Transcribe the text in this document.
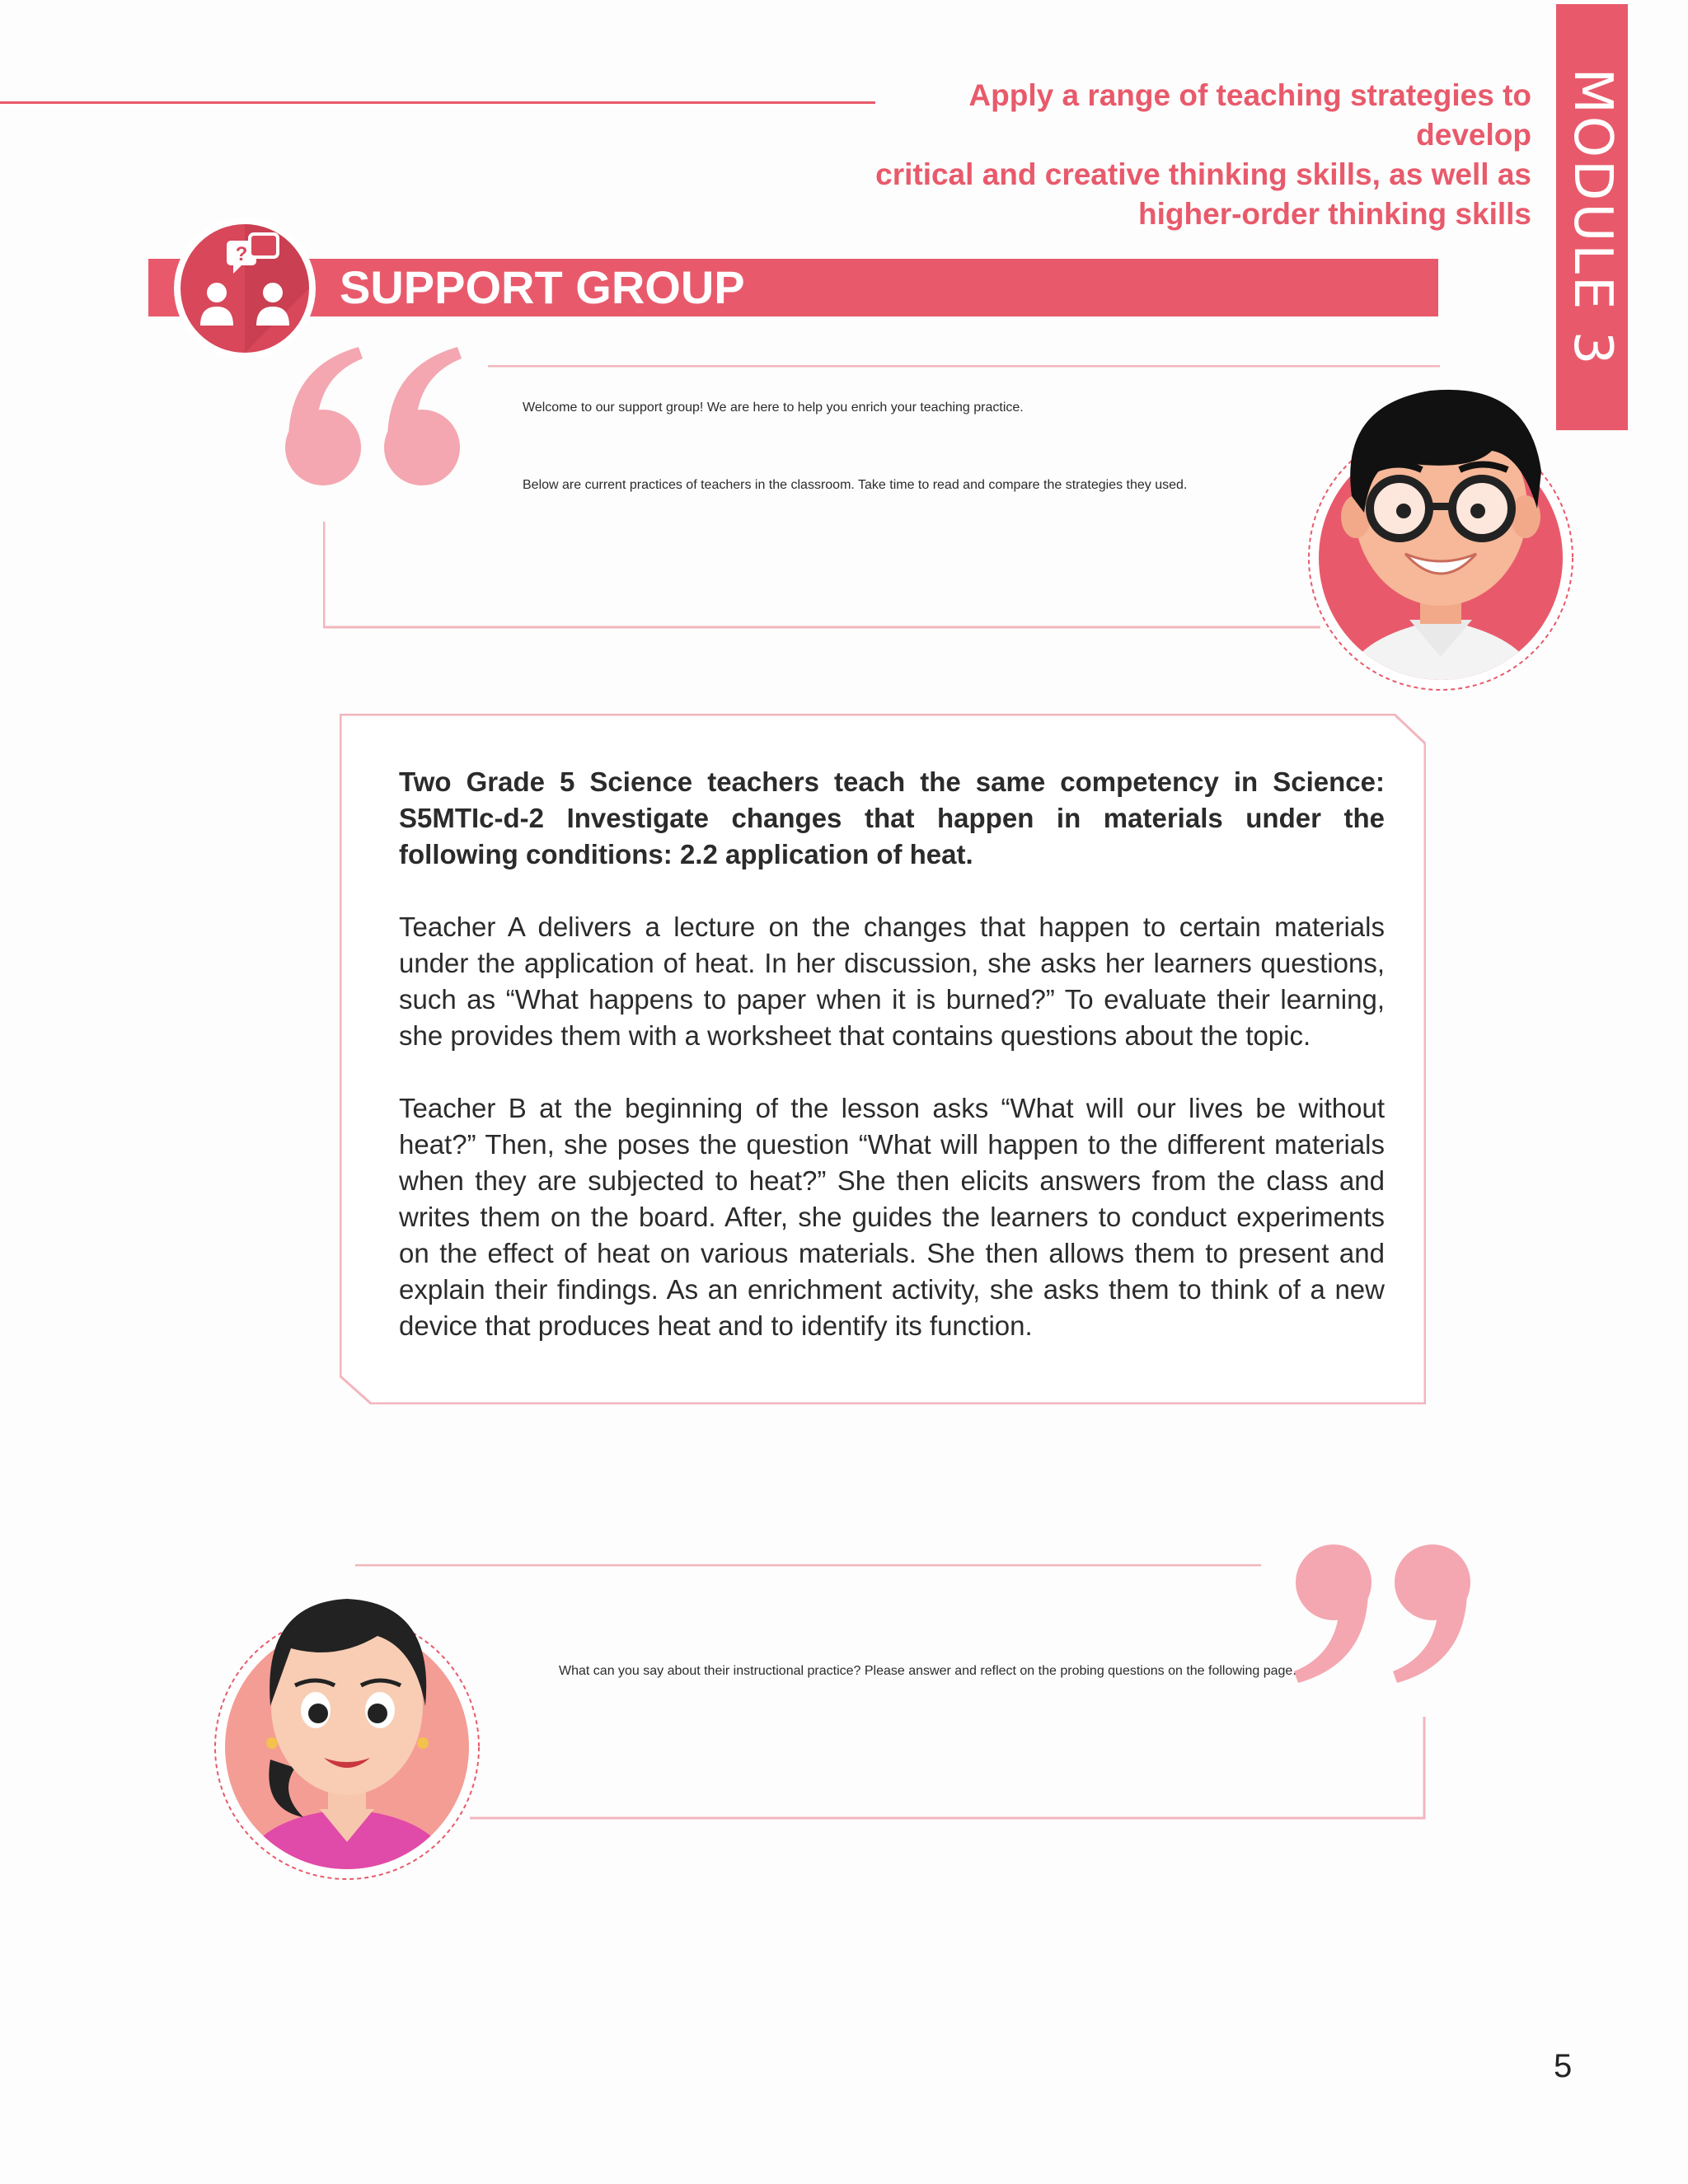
MODULE 3
Apply a range of teaching strategies to develop
critical and creative thinking skills, as well as
higher-order thinking skills
SUPPORT GROUP
?

Welcome to our support group! We are here to help you enrich your teaching practice.

Below are current practices of teachers in the classroom. Take time to read and compare the strategies they used.

Two Grade 5 Science teachers teach the same competency in Science: S5MTIc-d-2 Investigate changes that happen in materials under the following conditions: 2.2 application of heat.

Teacher A delivers a lecture on the changes that happen to certain materials under the application of heat. In her discussion, she asks her learners questions, such as “What happens to paper when it is burned?” To evaluate their learning, she provides them with a worksheet that contains questions about the topic.

Teacher B at the beginning of the lesson asks “What will our lives be without heat?” Then, she poses the question “What will happen to the different materials when they are subjected to heat?” She then elicits answers from the class and writes them on the board. After, she guides the learners to conduct experiments on the effect of heat on various materials. She then allows them to present and explain their findings. As an enrichment activity, she asks them to think of a new device that produces heat and to identify its function.

What can you say about their instructional practice? Please answer and reflect on the probing questions on the following page.

5
